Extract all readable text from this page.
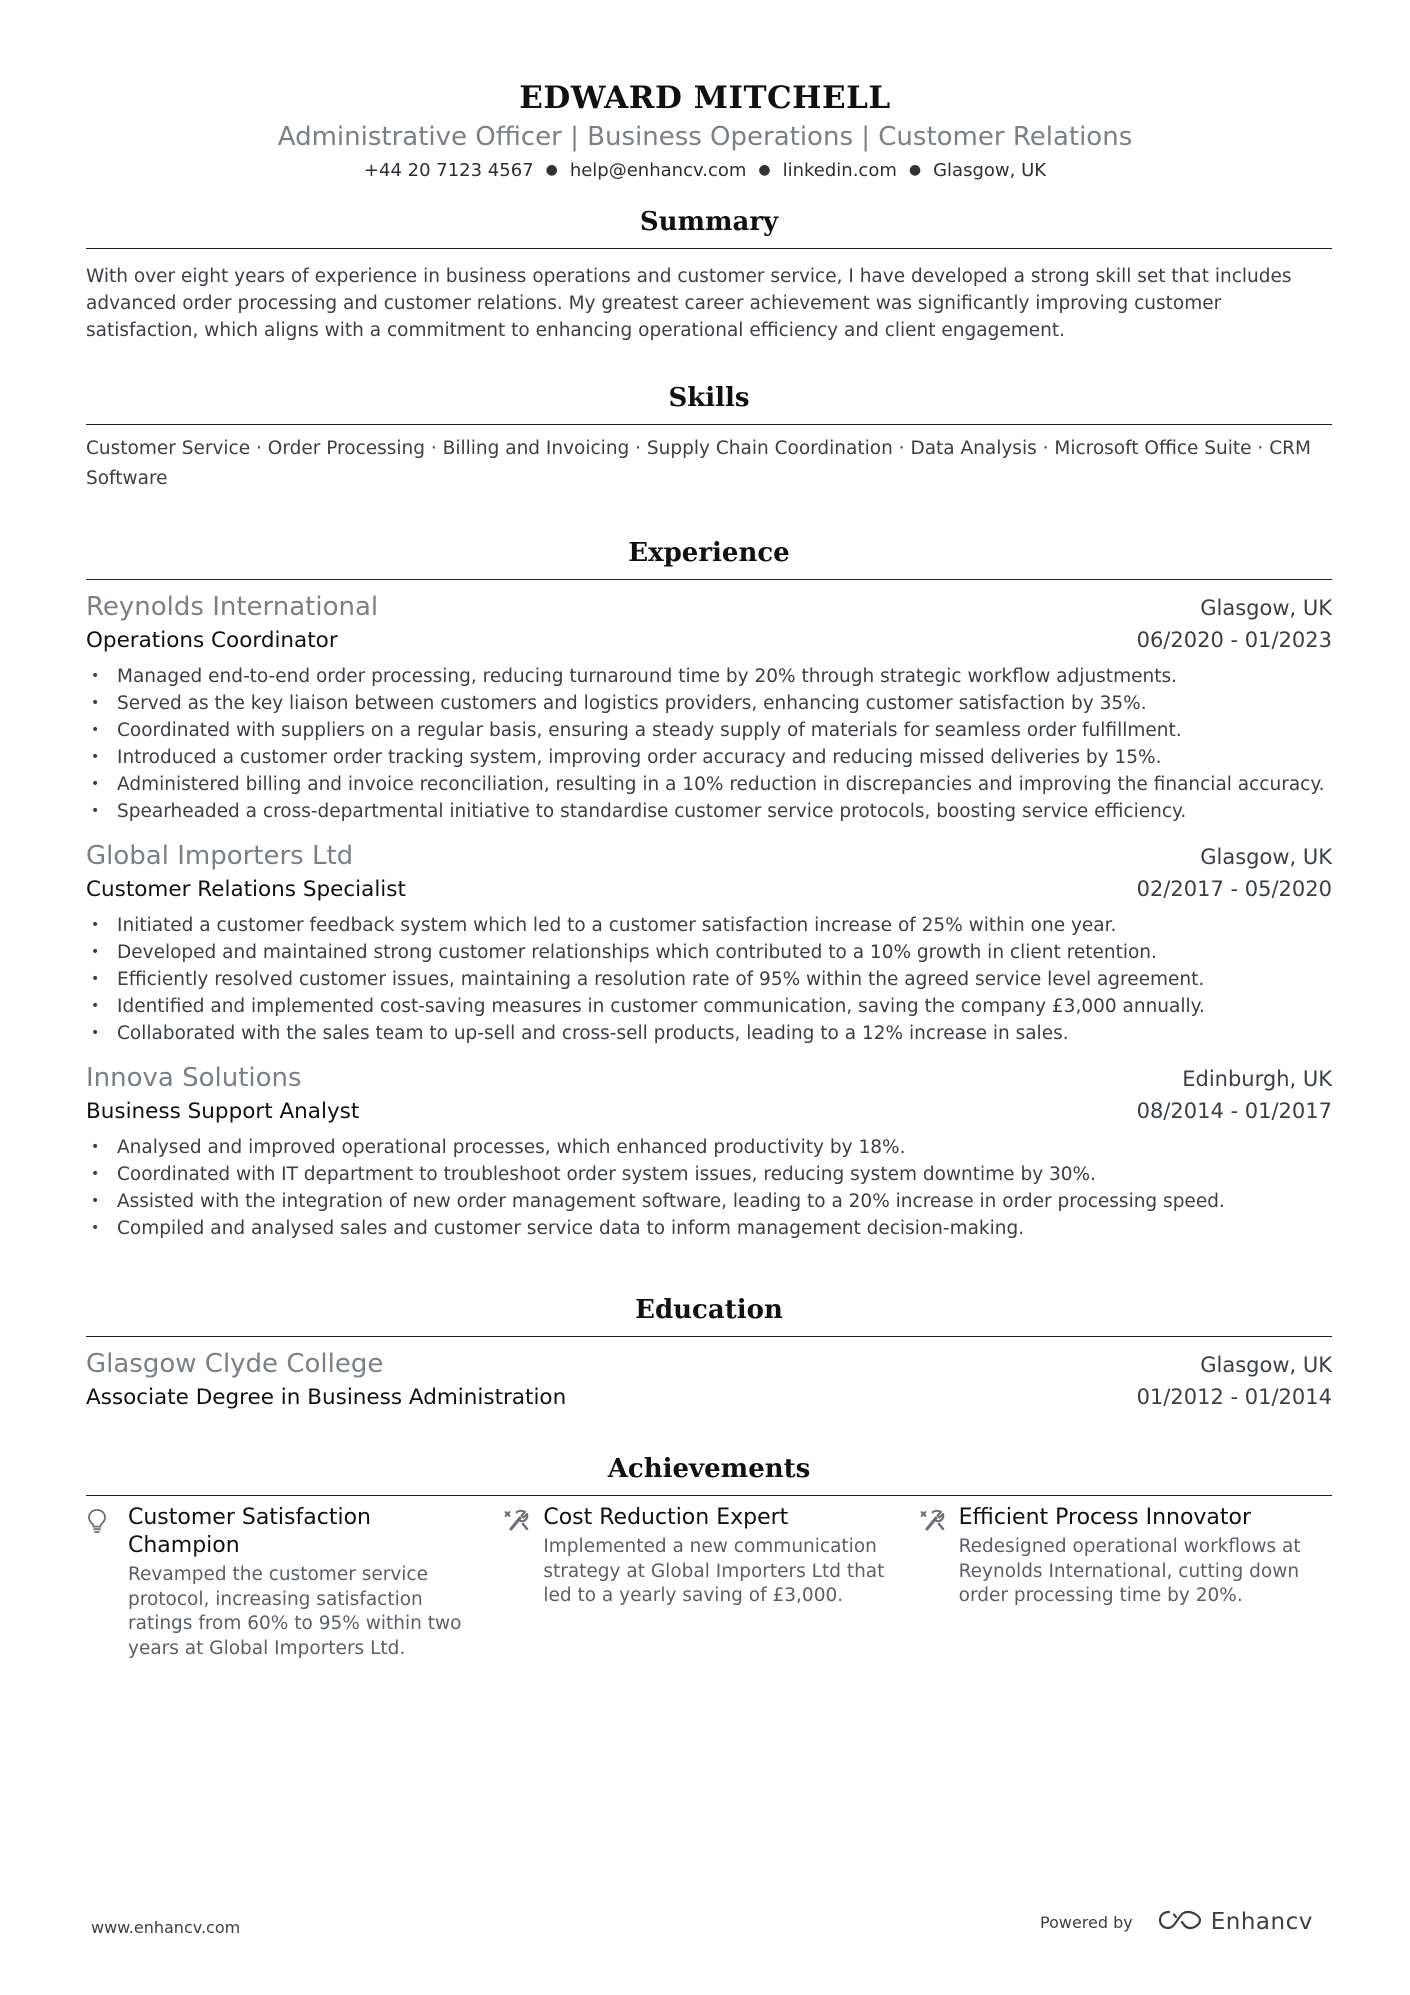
EDWARD MITCHELL
Administrative Officer | Business Operations | Customer Relations
+44 20 7123 4567 ● help@enhancv.com ● linkedin.com ● Glasgow, UK
Summary
With over eight years of experience in business operations and customer service, I have developed a strong skill set that includes advanced order processing and customer relations. My greatest career achievement was significantly improving customer satisfaction, which aligns with a commitment to enhancing operational efficiency and client engagement.
Skills
Customer Service · Order Processing · Billing and Invoicing · Supply Chain Coordination · Data Analysis · Microsoft Office Suite · CRM Software
Experience
Reynolds International	Glasgow, UK
Operations Coordinator	06/2020 - 01/2023
• Managed end-to-end order processing, reducing turnaround time by 20% through strategic workflow adjustments.
• Served as the key liaison between customers and logistics providers, enhancing customer satisfaction by 35%.
• Coordinated with suppliers on a regular basis, ensuring a steady supply of materials for seamless order fulfillment.
• Introduced a customer order tracking system, improving order accuracy and reducing missed deliveries by 15%.
• Administered billing and invoice reconciliation, resulting in a 10% reduction in discrepancies and improving the financial accuracy.
• Spearheaded a cross-departmental initiative to standardise customer service protocols, boosting service efficiency.
Global Importers Ltd	Glasgow, UK
Customer Relations Specialist	02/2017 - 05/2020
• Initiated a customer feedback system which led to a customer satisfaction increase of 25% within one year.
• Developed and maintained strong customer relationships which contributed to a 10% growth in client retention.
• Efficiently resolved customer issues, maintaining a resolution rate of 95% within the agreed service level agreement.
• Identified and implemented cost-saving measures in customer communication, saving the company £3,000 annually.
• Collaborated with the sales team to up-sell and cross-sell products, leading to a 12% increase in sales.
Innova Solutions	Edinburgh, UK
Business Support Analyst	08/2014 - 01/2017
• Analysed and improved operational processes, which enhanced productivity by 18%.
• Coordinated with IT department to troubleshoot order system issues, reducing system downtime by 30%.
• Assisted with the integration of new order management software, leading to a 20% increase in order processing speed.
• Compiled and analysed sales and customer service data to inform management decision-making.
Education
Glasgow Clyde College	Glasgow, UK
Associate Degree in Business Administration	01/2012 - 01/2014
Achievements
Customer Satisfaction Champion
Revamped the customer service protocol, increasing satisfaction ratings from 60% to 95% within two years at Global Importers Ltd.
Cost Reduction Expert
Implemented a new communication strategy at Global Importers Ltd that led to a yearly saving of £3,000.
Efficient Process Innovator
Redesigned operational workflows at Reynolds International, cutting down order processing time by 20%.
www.enhancv.com	Powered by	Enhancv
